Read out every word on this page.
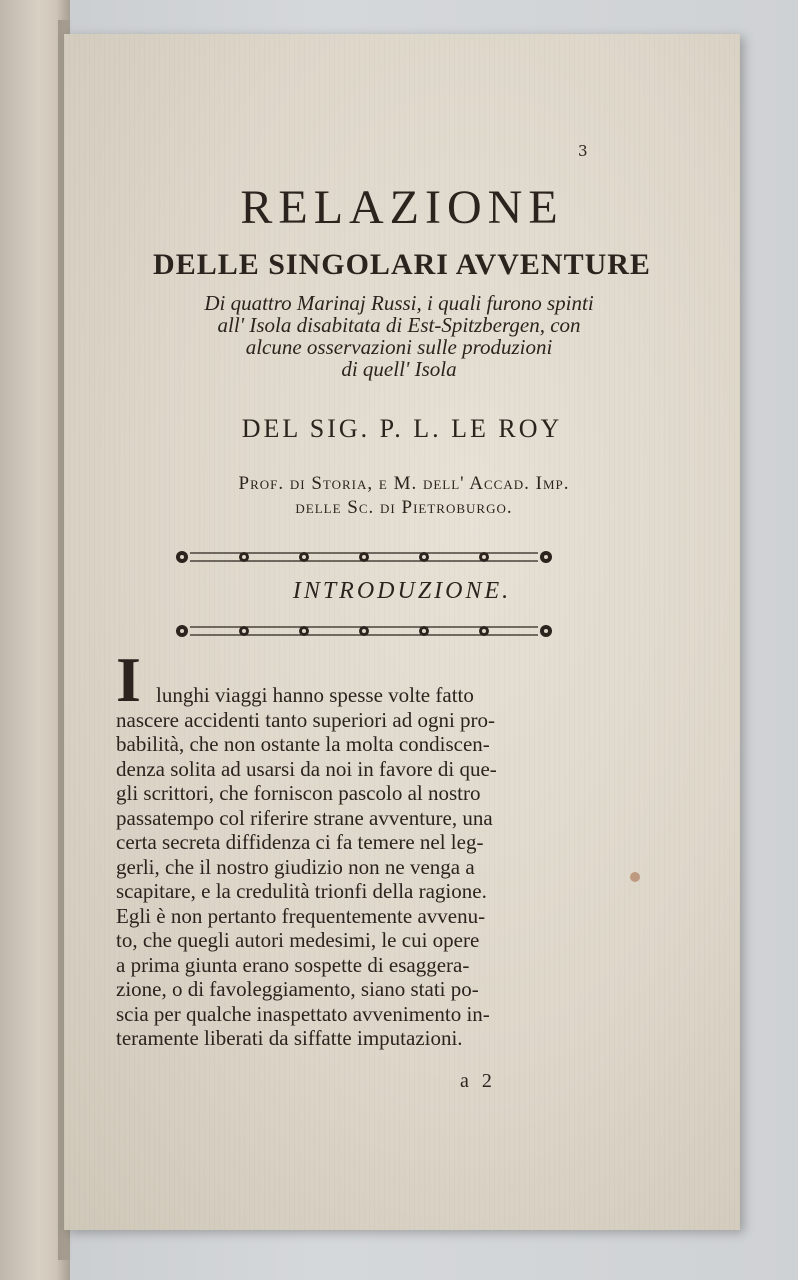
3
RELAZIONE
DELLE SINGOLARI AVVENTURE
Di quattro Marinaj Russi, i quali furono spinti
all' Isola disabitata di Est-Spitzbergen, con
alcune osservazioni sulle produzioni
di quell' Isola
DEL SIG. P. L. LE ROY
Prof. di Storia, e M. dell' Accad. Imp.
delle Sc. di Pietroburgo.
INTRODUZIONE.
I lunghi viaggi hanno spesse volte fatto
nascere accidenti tanto superiori ad ogni pro-
babilità, che non ostante la molta condiscen-
denza solita ad usarsi da noi in favore di que-
gli scrittori, che forniscon pascolo al nostro
passatempo col riferire strane avventure, una
certa secreta diffidenza ci fa temere nel leg-
gerli, che il nostro giudizio non ne venga a
scapitare, e la credulità trionfi della ragione.
Egli è non pertanto frequentemente avvenu-
to, che quegli autori medesimi, le cui opere
a prima giunta erano sospette di esaggera-
zione, o di favoleggiamento, siano stati po-
scia per qualche inaspettato avvenimento in-
teramente liberati da siffatte imputazioni.
a 2
